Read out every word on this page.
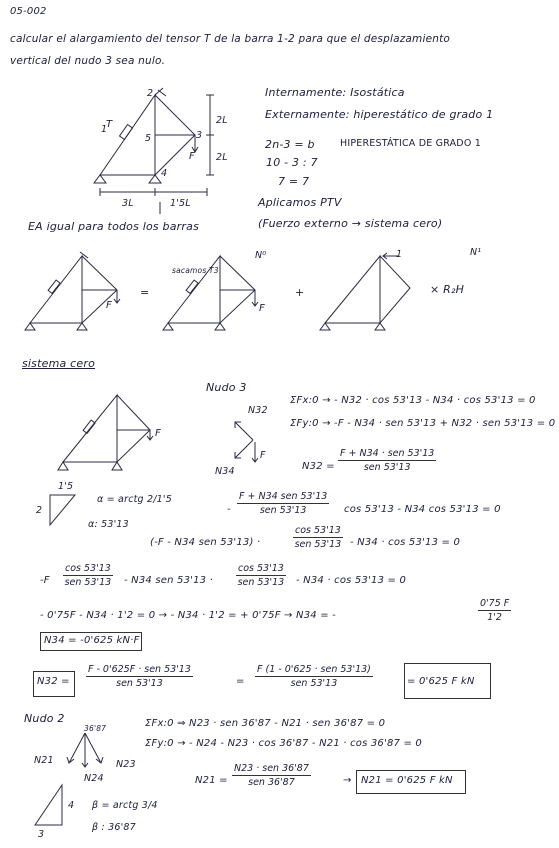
05-002
calcular el alargamiento del tensor T de la barra 1-2 para que el desplazamiento
vertical del nudo 3 sea nulo.
2
1
3
4
5
T
F
2L
2L
3L	1'5L
Internamente: Isostática
Externamente: hiperestático de grado 1
2n-3 = b	HIPERESTÁTICA DE GRADO 1
10 - 3 : 7
7 = 7
Aplicamos PTV
(Fuerzo externo → sistema cero)
EA igual para todos los barras
F
=
sacamos T3
N⁰
F
+
1	N¹
× R₂H
sistema cero
Nudo 3
F
N32
N34
F
ΣFx:0 → - N32 · cos 53'13 - N34 · cos 53'13 = 0
ΣFy:0 → -F - N34 · sen 53'13 + N32 · sen 53'13 = 0
N32 =
F + N34 · sen 53'13
sen 53'13
1'5
2
α = arctg 2/1'5
α: 53'13
-
F + N34 sen 53'13
sen 53'13	cos 53'13 - N34 cos 53'13 = 0
(-F - N34 sen 53'13) ·
cos 53'13
sen 53'13 - N34 · cos 53'13 = 0
-F
cos 53'13
sen 53'13 - N34 sen 53'13 ·
cos 53'13
sen 53'13 - N34 · cos 53'13 = 0
- 0'75F - N34 · 1'2 = 0 → - N34 · 1'2 = + 0'75F → N34 = -	$\frac{0'75 F}{1'2}$
N34 = -0'625 kN·F
N32 =
F - 0'625F · sen 53'13
sen 53'13	=
F (1 - 0'625 · sen 53'13)
sen 53'13	= 0'625 F kN
Nudo 2
N21	N23
N24
36'87	ΣFx:0 ⇒ N23 · sen 36'87 - N21 · sen 36'87 = 0
ΣFy:0 → - N24 - N23 · cos 36'87 - N21 · cos 36'87 = 0
N21 =
N23 · sen 36'87
sen 36'87	→ N21 = 0'625 F kN
4
3
β = arctg 3/4
β : 36'87
